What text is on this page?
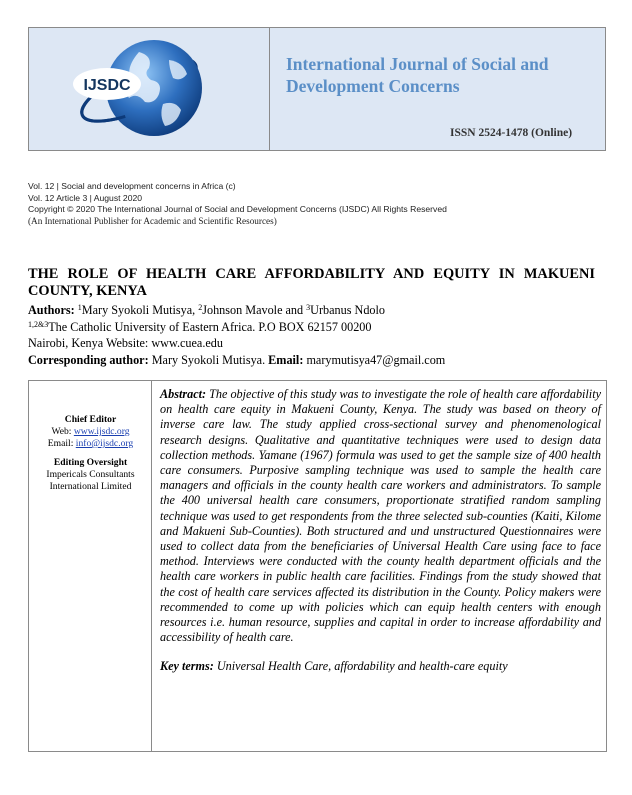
IJSDC
International Journal of Social and Development Concerns
ISSN 2524-1478 (Online)
Vol. 12 | Social and development concerns in Africa (c)
Vol. 12 Article 3 | August 2020
Copyright © 2020 The International Journal of Social and Development Concerns (IJSDC) All Rights Reserved
(An International Publisher for Academic and Scientific Resources)
THE ROLE OF HEALTH CARE AFFORDABILITY AND EQUITY IN MAKUENI COUNTY, KENYA
Authors: $^1$Mary Syokoli Mutisya, $^2$Johnson Mavole and $^3$Urbanus Ndolo
$^{1,2\&3}$The Catholic University of Eastern Africa. P.O BOX 62157 00200
Nairobi, Kenya Website: www.cuea.edu
Corresponding author: Mary Syokoli Mutisya. Email: marymutisya47@gmail.com
Chief Editor
Web: www.ijsdc.org
Email: info@ijsdc.org
Editing Oversight
Impericals Consultants
International Limited
Abstract: The objective of this study was to investigate the role of health care affordability on health care equity in Makueni County, Kenya. The study was based on theory of inverse care law. The study applied cross-sectional survey and phenomenological research designs. Qualitative and quantitative techniques were used to design data collection methods. Yamane (1967) formula was used to get the sample size of 400 health care consumers. Purposive sampling technique was used to sample the health care managers and officials in the county health care workers and administrators. To sample the 400 universal health care consumers, proportionate stratified random sampling technique was used to get respondents from the three selected sub-counties (Kaiti, Kilome and Makueni Sub-Counties). Both structured and und unstructured Questionnaires were used to collect data from the beneficiaries of Universal Health Care using face to face method. Interviews were conducted with the county health department officials and the health care workers in public health care facilities. Findings from the study showed that the cost of health care services affected its distribution in the County. Policy makers were recommended to come up with policies which can equip health centers with enough resources i.e. human resource, supplies and capital in order to increase affordability and accessibility of health care.
Key terms: Universal Health Care, affordability and health-care equity
